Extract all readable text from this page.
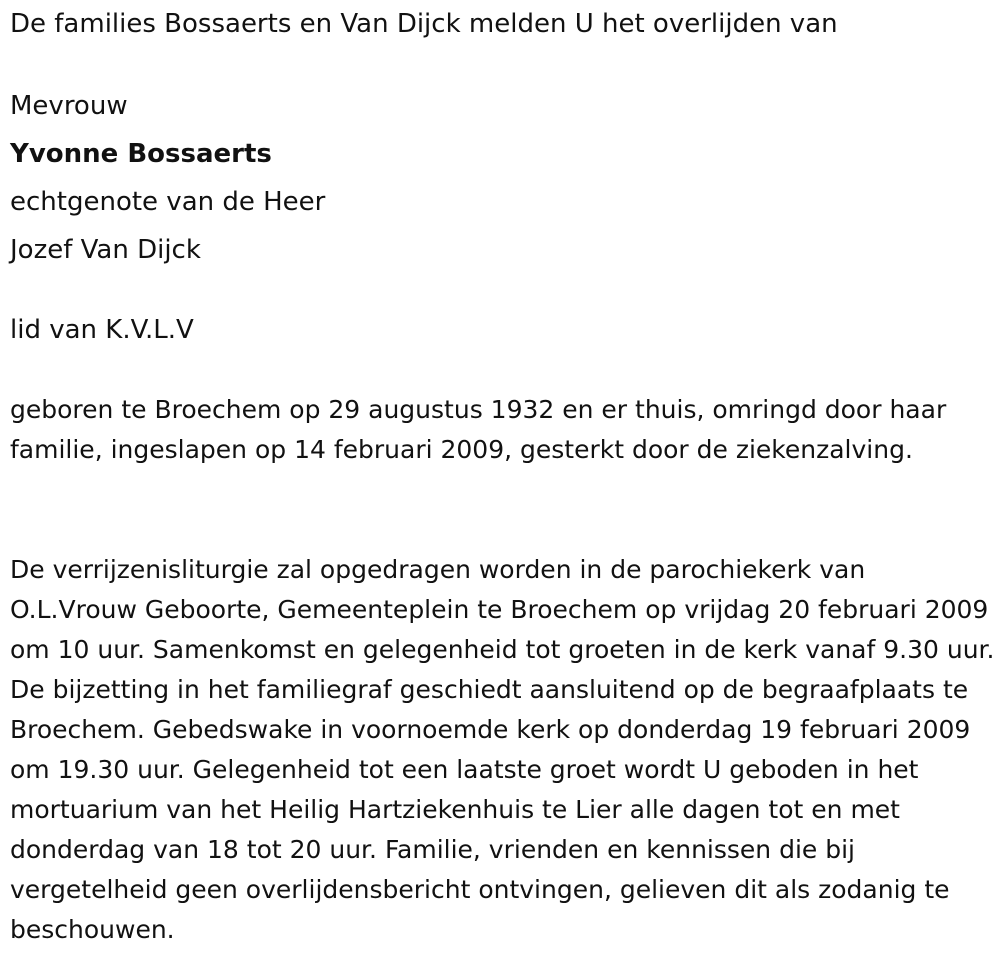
De families Bossaerts en Van Dijck melden U het overlijden van
Mevrouw
Yvonne Bossaerts
echtgenote van de Heer
Jozef Van Dijck
lid van K.V.L.V
geboren te Broechem op 29 augustus 1932 en er thuis, omringd door haar familie, ingeslapen op 14 februari 2009, gesterkt door de ziekenzalving.
De verrijzenisliturgie zal opgedragen worden in de parochiekerk van O.L.Vrouw Geboorte, Gemeenteplein te Broechem op vrijdag 20 februari 2009 om 10 uur. Samenkomst en gelegenheid tot groeten in de kerk vanaf 9.30 uur. De bijzetting in het familiegraf geschiedt aansluitend op de begraafplaats te Broechem. Gebedswake in voornoemde kerk op donderdag 19 februari 2009 om 19.30 uur. Gelegenheid tot een laatste groet wordt U geboden in het mortuarium van het Heilig Hartziekenhuis te Lier alle dagen tot en met donderdag van 18 tot 20 uur. Familie, vrienden en kennissen die bij vergetelheid geen overlijdensbericht ontvingen, gelieven dit als zodanig te beschouwen.
